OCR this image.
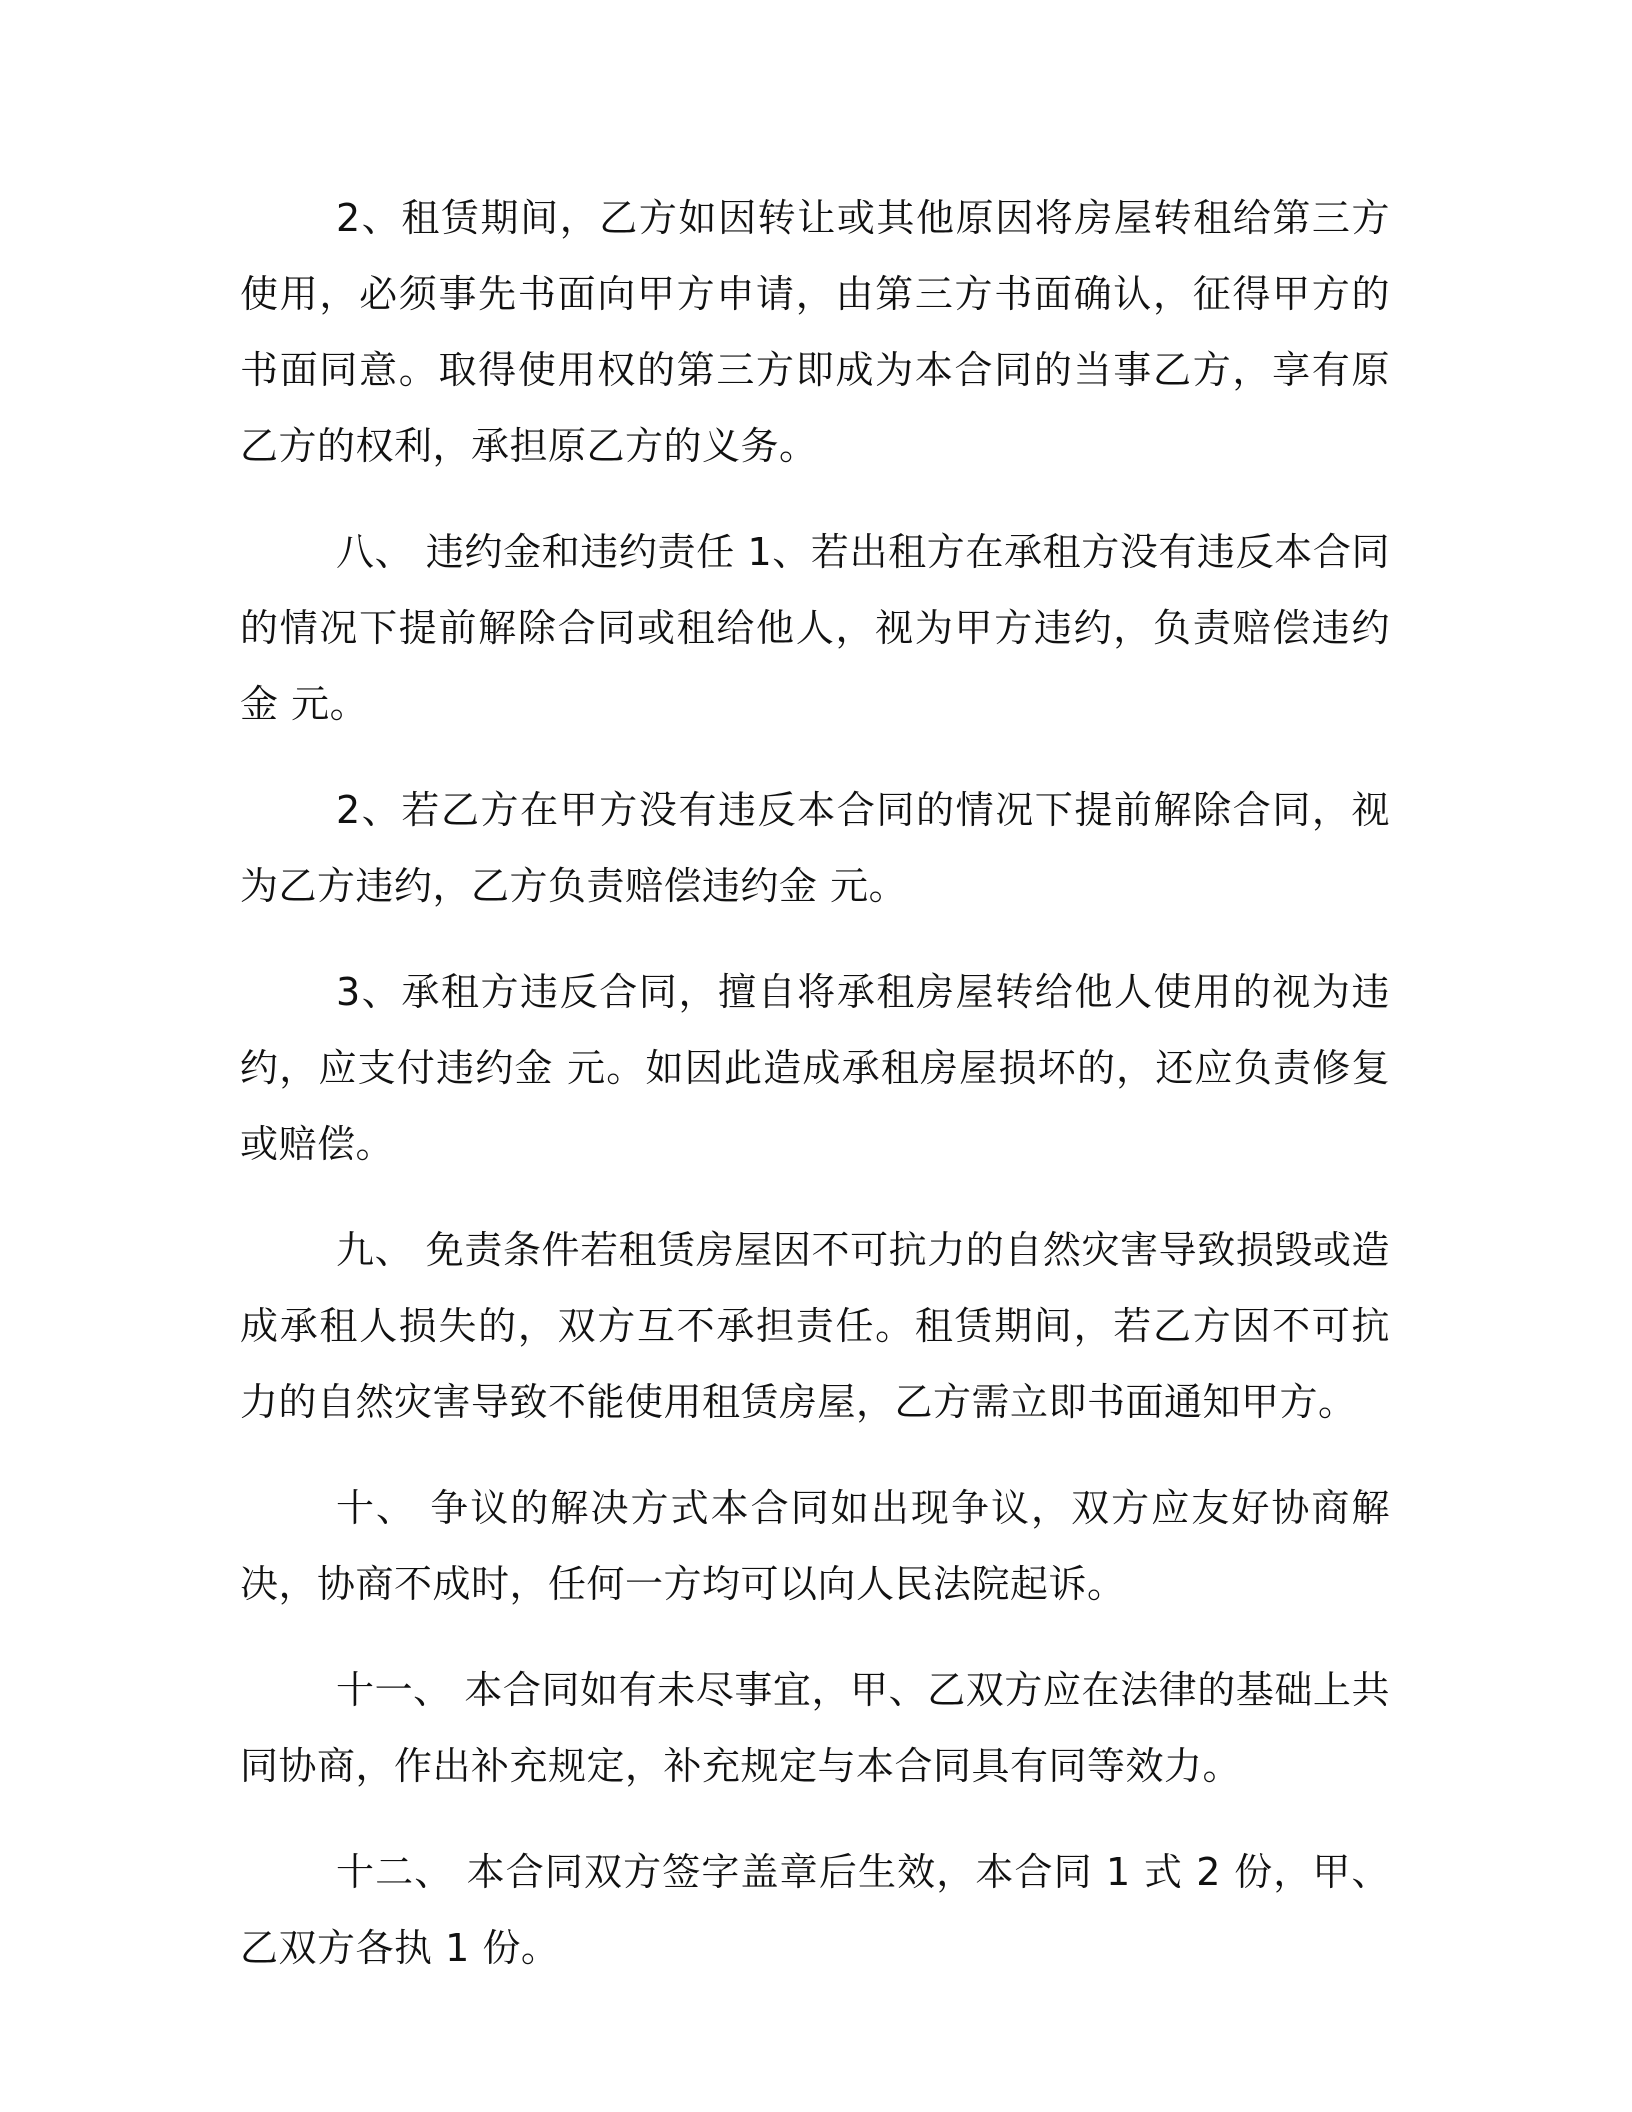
2、租赁期间，乙方如因转让或其他原因将房屋转租给第三方使用，必须事先书面向甲方申请，由第三方书面确认，征得甲方的书面同意。取得使用权的第三方即成为本合同的当事乙方，享有原乙方的权利，承担原乙方的义务。

八、 违约金和违约责任 1、若出租方在承租方没有违反本合同的情况下提前解除合同或租给他人，视为甲方违约，负责赔偿违约金 元。

2、若乙方在甲方没有违反本合同的情况下提前解除合同，视为乙方违约，乙方负责赔偿违约金 元。

3、承租方违反合同，擅自将承租房屋转给他人使用的视为违约，应支付违约金 元。如因此造成承租房屋损坏的，还应负责修复或赔偿。

九、 免责条件若租赁房屋因不可抗力的自然灾害导致损毁或造成承租人损失的，双方互不承担责任。租赁期间，若乙方因不可抗力的自然灾害导致不能使用租赁房屋，乙方需立即书面通知甲方。

十、 争议的解决方式本合同如出现争议，双方应友好协商解决，协商不成时，任何一方均可以向人民法院起诉。

十一、 本合同如有未尽事宜，甲、乙双方应在法律的基础上共同协商，作出补充规定，补充规定与本合同具有同等效力。

十二、 本合同双方签字盖章后生效，本合同 1 式 2 份，甲、乙双方各执 1 份。
